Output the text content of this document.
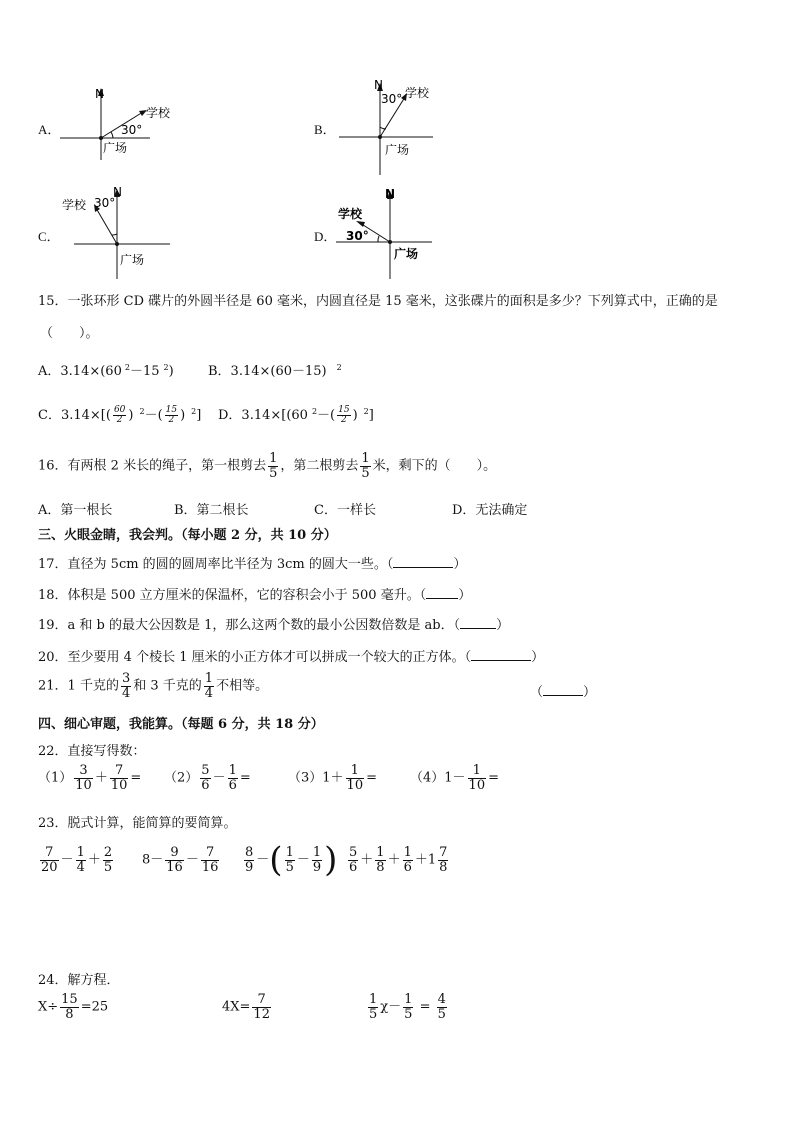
A．
N
学校
30°
广场
B．
N
30° 学校
广场
C．
N
学校 30°
广场
D．
N
学校
30°
广场
15．一张环形 CD 碟片的外圆半径是 60 毫米，内圆直径是 15 毫米，这张碟片的面积是多少？下列算式中，正确的是
（　　）。
A．3.14×(60 $^2$－15 $^2$)	B．3.14×(60－15) $^2$
C．$3.14\times[( \frac{60}{2}$ ) $^2-( \frac{15}{2}$ ) $^2$] D．3.14×[(60 $^2-( \frac{15}{2}$ ) $^2$]
16．有两根 2 米长的绳子，第一根剪去 $\frac{1}{5}$ ，第二根剪去 $\frac{1}{5}$ 米，剩下的（　　）。
A．第一根长	B．第二根长	C．一样长	D．无法确定
三、火眼金睛，我会判。（每小题 2 分，共 10 分）
17．直径为 5cm 的圆的圆周率比半径为 3cm 的圆大一些。（	）
18．体积是 500 立方厘米的保温杯，它的容积会小于 500 毫升。（ ）
19．a 和 b 的最大公因数是 1，那么这两个数的最小公因数倍数是 ab．（	）
20．至少要用 4 个棱长 1 厘米的小正方体才可以拼成一个较大的正方体。（	）
21．1 千克的 $\frac{3}{4}$ 和 3 千克的 $\frac{1}{4}$ 不相等。	（	）
四、细心审题，我能算。（每题 6 分，共 18 分）
22．直接写得数：
$(1) \frac{3}{10} + \frac{7}{10} = (2) \frac{5}{6} - \frac{1}{6}$ =	$(3)1+ \frac{1}{10}$ =	$(4)1- \frac{1}{10}$ =
23．脱式计算，能简算的要简算。
$\frac{7}{20} - \frac{1}{4} + \frac{2}{5} 8- \frac{9}{16} - \frac{7}{16} \frac{8}{9}$ －( $\frac{1}{5} - \frac{1}{9}$ ) $\frac{5}{6} + \frac{1}{8} + \frac{1}{6} +1 \frac{7}{8}$
24．解方程．
$X\div \frac{15}{8} =25$	$4X= \frac{7}{12}$	$\frac{1}{5} \chi- \frac{1}{5} = \frac{4}{5}$
